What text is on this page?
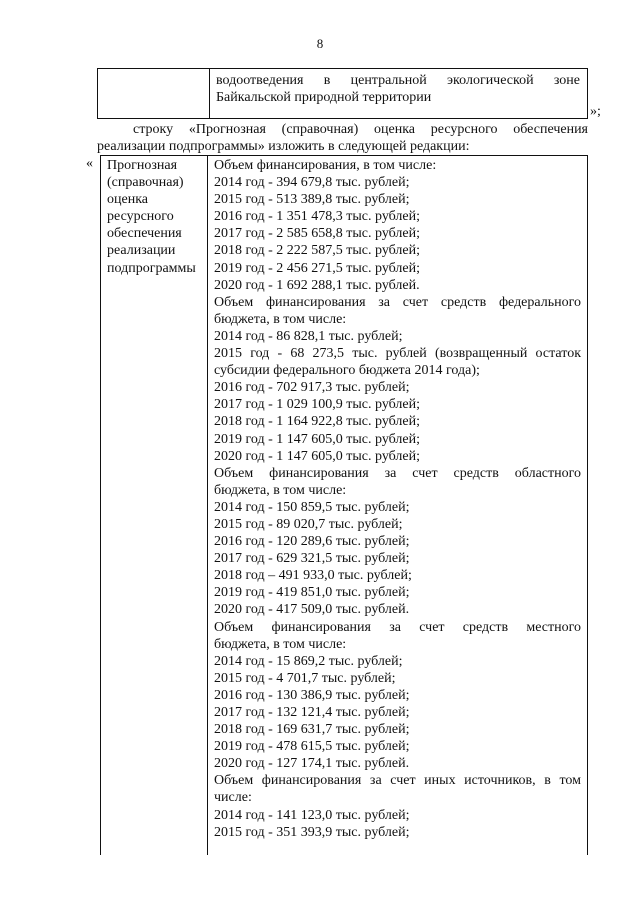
8
водоотведения в центральной экологической зоне
Байкальской природной территории
»;
строку «Прогнозная (справочная) оценка ресурсного обеспечения
реализации подпрограммы» изложить в следующей редакции:
« Прогнозная
(справочная)
оценка
ресурсного
обеспечения
реализации
подпрограммы
Объем финансирования, в том числе:
2014 год - 394 679,8 тыс. рублей;
2015 год - 513 389,8 тыс. рублей;
2016 год - 1 351 478,3 тыс. рублей;
2017 год - 2 585 658,8 тыс. рублей;
2018 год - 2 222 587,5 тыс. рублей;
2019 год - 2 456 271,5 тыс. рублей;
2020 год - 1 692 288,1 тыс. рублей.
Объем финансирования за счет средств федерального
бюджета, в том числе:
2014 год - 86 828,1 тыс. рублей;
2015 год - 68 273,5 тыс. рублей (возвращенный остаток
субсидии федерального бюджета 2014 года);
2016 год - 702 917,3 тыс. рублей;
2017 год - 1 029 100,9 тыс. рублей;
2018 год - 1 164 922,8 тыс. рублей;
2019 год - 1 147 605,0 тыс. рублей;
2020 год - 1 147 605,0 тыс. рублей;
Объем финансирования за счет средств областного
бюджета, в том числе:
2014 год - 150 859,5 тыс. рублей;
2015 год - 89 020,7 тыс. рублей;
2016 год - 120 289,6 тыс. рублей;
2017 год - 629 321,5 тыс. рублей;
2018 год – 491 933,0 тыс. рублей;
2019 год - 419 851,0 тыс. рублей;
2020 год - 417 509,0 тыс. рублей.
Объем финансирования за счет средств местного
бюджета, в том числе:
2014 год - 15 869,2 тыс. рублей;
2015 год - 4 701,7 тыс. рублей;
2016 год - 130 386,9 тыс. рублей;
2017 год - 132 121,4 тыс. рублей;
2018 год - 169 631,7 тыс. рублей;
2019 год - 478 615,5 тыс. рублей;
2020 год - 127 174,1 тыс. рублей.
Объем финансирования за счет иных источников, в том
числе:
2014 год - 141 123,0 тыс. рублей;
2015 год - 351 393,9 тыс. рублей;
